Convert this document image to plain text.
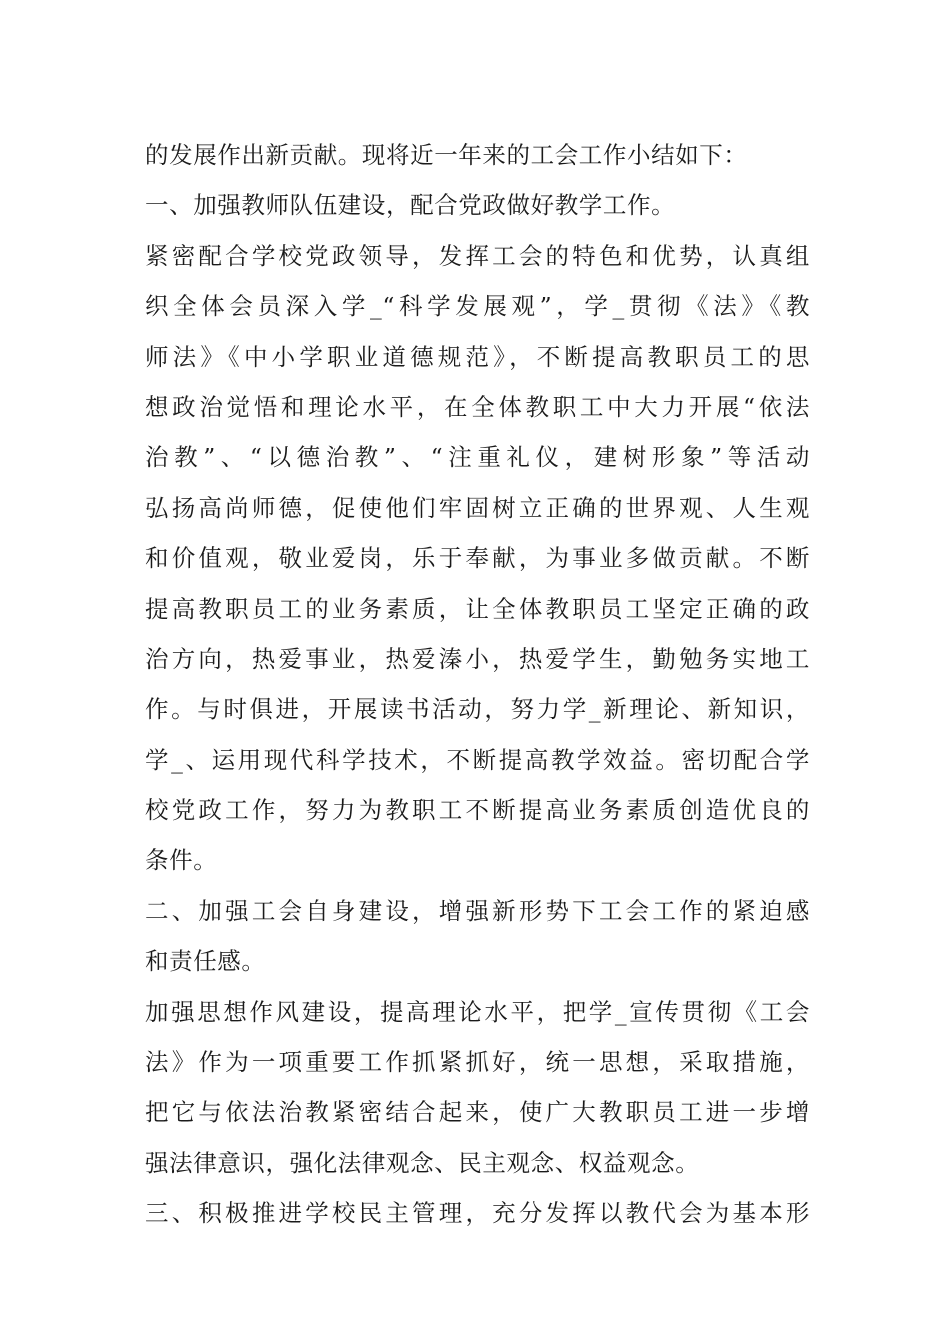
的发展作出新贡献。现将近一年来的工会工作小结如下：
一、加强教师队伍建设，配合党政做好教学工作。
紧密配合学校党政领导，发挥工会的特色和优势，认真组
织全体会员深入学_“科学发展观”，学_贯彻《法》《教
师法》《中小学职业道德规范》，不断提高教职员工的思
想政治觉悟和理论水平，在全体教职工中大力开展“依法
治教”、“以德治教”、“注重礼仪，建树形象”等活动
弘扬高尚师德，促使他们牢固树立正确的世界观、人生观
和价值观，敬业爱岗，乐于奉献，为事业多做贡献。不断
提高教职员工的业务素质，让全体教职员工坚定正确的政
治方向，热爱事业，热爱溱小，热爱学生，勤勉务实地工
作。与时俱进，开展读书活动，努力学_新理论、新知识，
学_、运用现代科学技术，不断提高教学效益。密切配合学
校党政工作，努力为教职工不断提高业务素质创造优良的
条件。
二、加强工会自身建设，增强新形势下工会工作的紧迫感
和责任感。
加强思想作风建设，提高理论水平，把学_宣传贯彻《工会
法》作为一项重要工作抓紧抓好，统一思想，采取措施，
把它与依法治教紧密结合起来，使广大教职员工进一步增
强法律意识，强化法律观念、民主观念、权益观念。
三、积极推进学校民主管理，充分发挥以教代会为基本形
